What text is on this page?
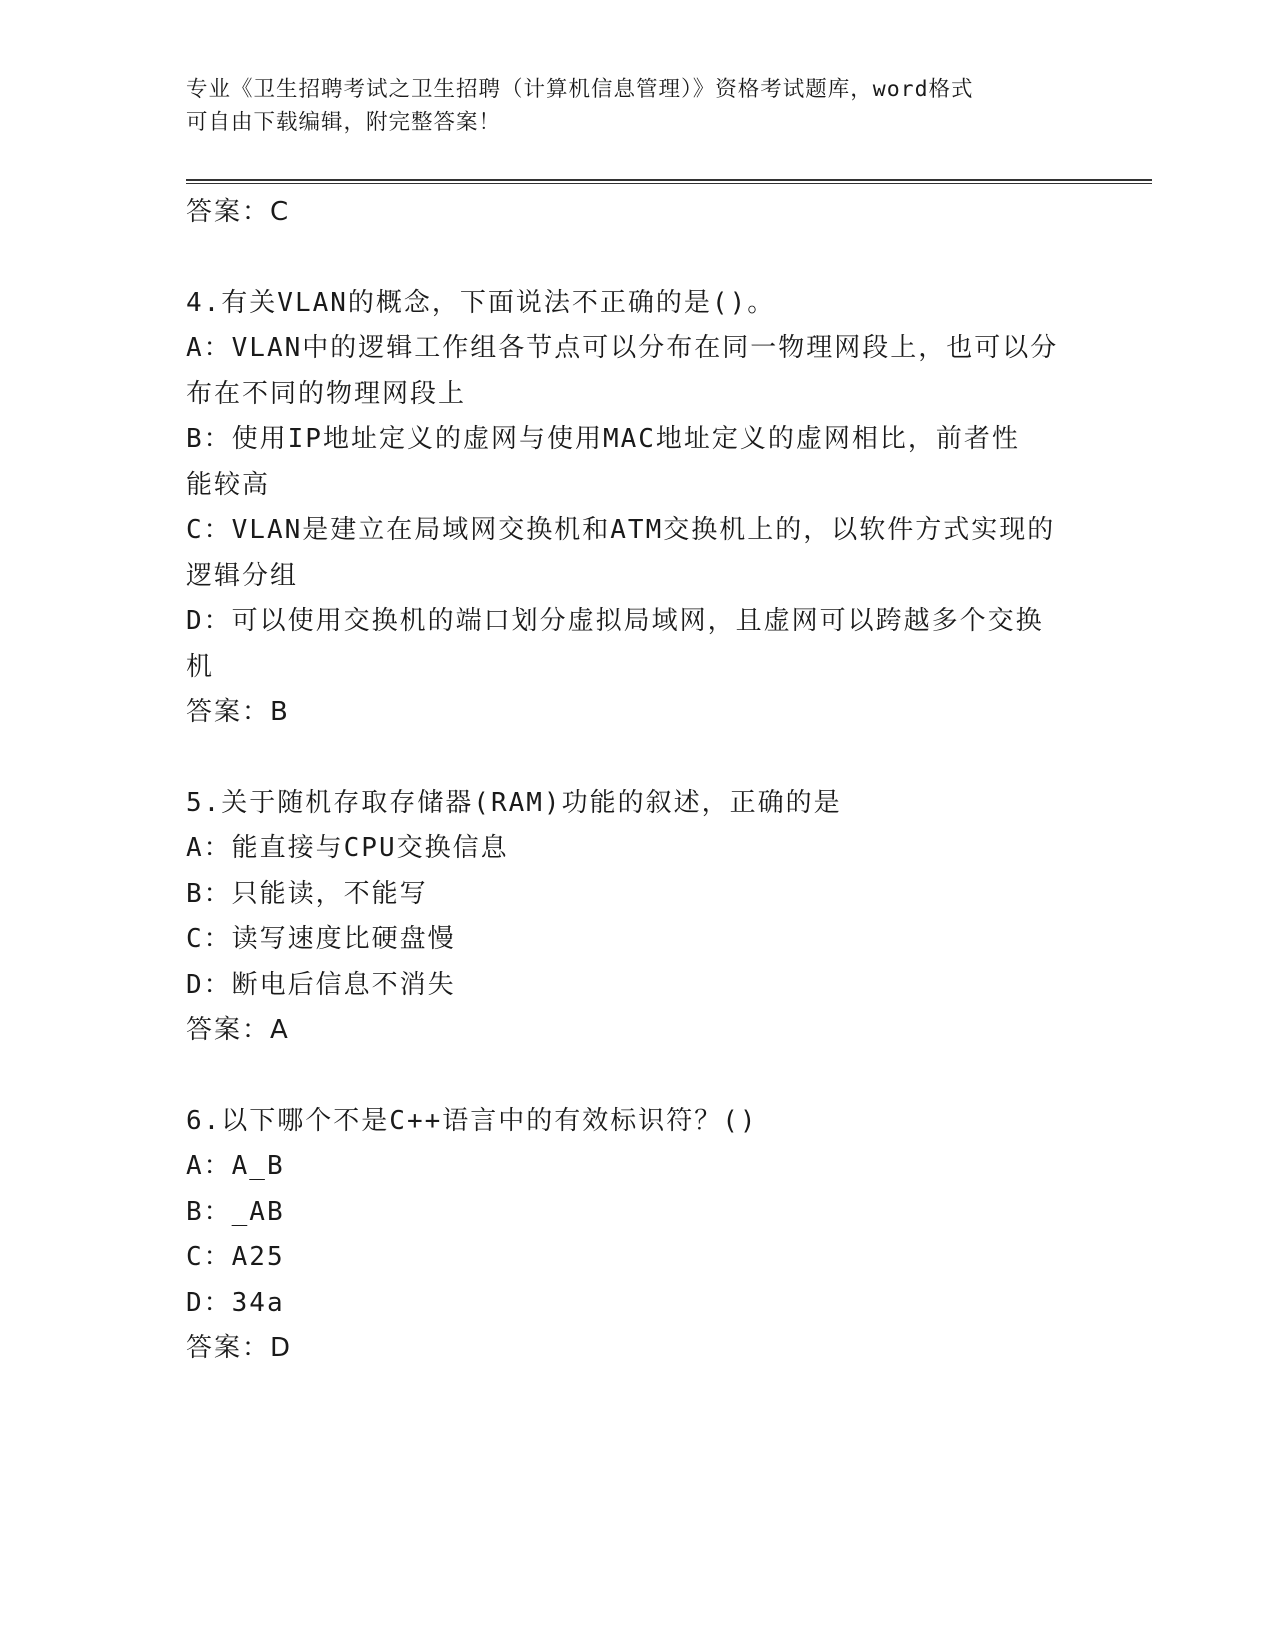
专业《卫生招聘考试之卫生招聘（计算机信息管理）》资格考试题库，word格式
可自由下载编辑，附完整答案！
答案：C
4.有关VLAN的概念，下面说法不正确的是()。
A：VLAN中的逻辑工作组各节点可以分布在同一物理网段上，也可以分
布在不同的物理网段上
B：使用IP地址定义的虚网与使用MAC地址定义的虚网相比，前者性
能较高
C：VLAN是建立在局域网交换机和ATM交换机上的，以软件方式实现的
逻辑分组
D：可以使用交换机的端口划分虚拟局域网，且虚网可以跨越多个交换
机
答案：B
5.关于随机存取存储器(RAM)功能的叙述，正确的是
A：能直接与CPU交换信息
B：只能读，不能写
C：读写速度比硬盘慢
D：断电后信息不消失
答案：A
6.以下哪个不是C++语言中的有效标识符？()
A：A_B
B：_AB
C：A25
D：34a
答案：D
